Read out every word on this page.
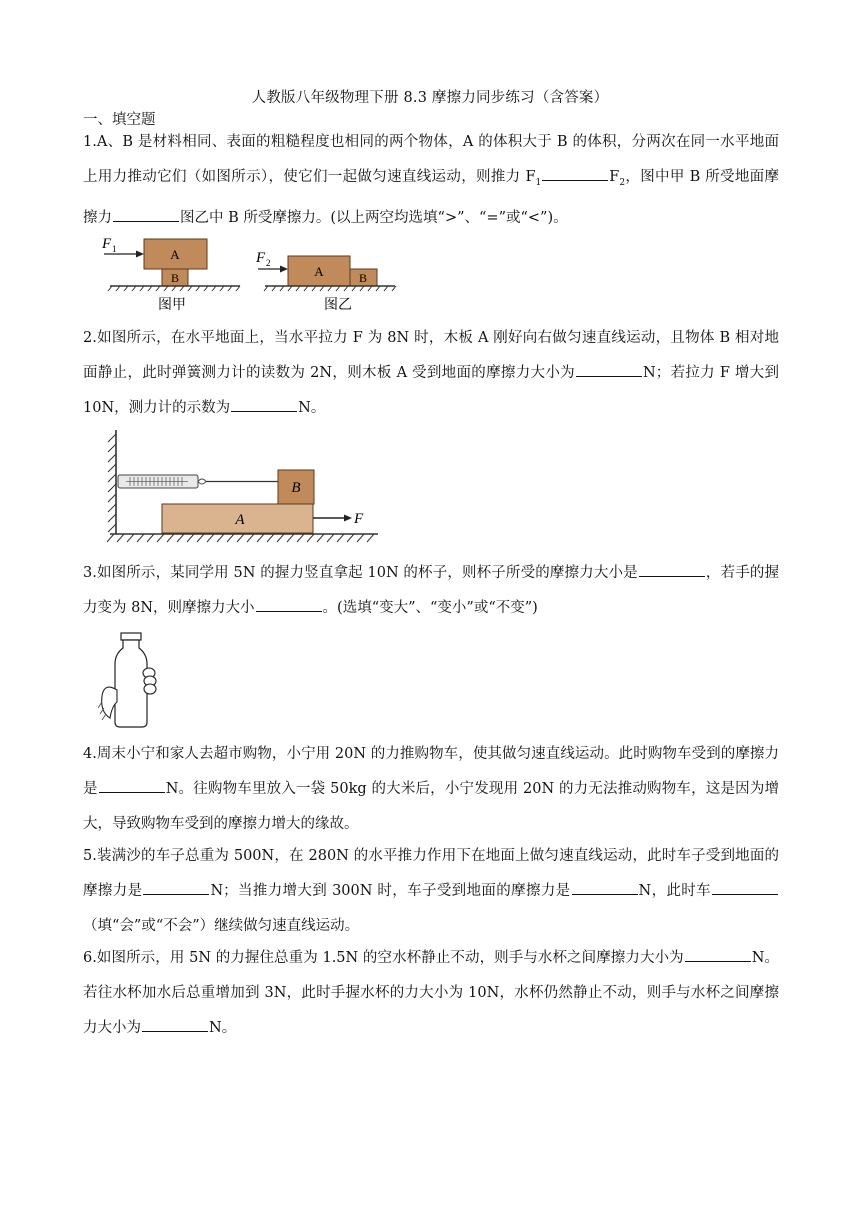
人教版八年级物理下册 8.3 摩擦力同步练习（含答案）
一、填空题
1.A、B 是材料相同、表面的粗糙程度也相同的两个物体，A 的体积大于 B 的体积，分两次在同一水平地面上用力推动它们（如图所示），使它们一起做匀速直线运动，则推力 $F_1$	$F_2$，图中甲 B 所受地面摩擦力	图乙中 B 所受摩擦力。(以上两空均选填“>”、“=”或“<”)。
F 1	A
B
图甲
F 2
A	B
图乙
2.如图所示，在水平地面上，当水平拉力 F 为 8N 时，木板 A 刚好向右做匀速直线运动，且物体 B 相对地面静止，此时弹簧测力计的读数为 2N，则木板 A 受到地面的摩擦力大小为	N；若拉力 F 增大到 10N，测力计的示数为	N。
B
A	F
3.如图所示，某同学用 5N 的握力竖直拿起 10N 的杯子，则杯子所受的摩擦力大小是	，若手的握力变为 8N，则摩擦力大小	。(选填“变大”、“变小”或“不变”)
4.周末小宁和家人去超市购物，小宁用 20N 的力推购物车，使其做匀速直线运动。此时购物车受到的摩擦力是	N。往购物车里放入一袋 50kg 的大米后，小宁发现用 20N 的力无法推动购物车，这是因为增大，导致购物车受到的摩擦力增大的缘故。
5.装满沙的车子总重为 500N，在 280N 的水平推力作用下在地面上做匀速直线运动，此时车子受到地面的摩擦力是	N；当推力增大到 300N 时，车子受到地面的摩擦力是	N，此时车（填“会”或“不会”）继续做匀速直线运动。
6.如图所示，用 5N 的力握住总重为 1.5N 的空水杯静止不动，则手与水杯之间摩擦力大小为	N。若往水杯加水后总重增加到 3N，此时手握水杯的力大小为 10N，水杯仍然静止不动，则手与水杯之间摩擦力大小为	N。
